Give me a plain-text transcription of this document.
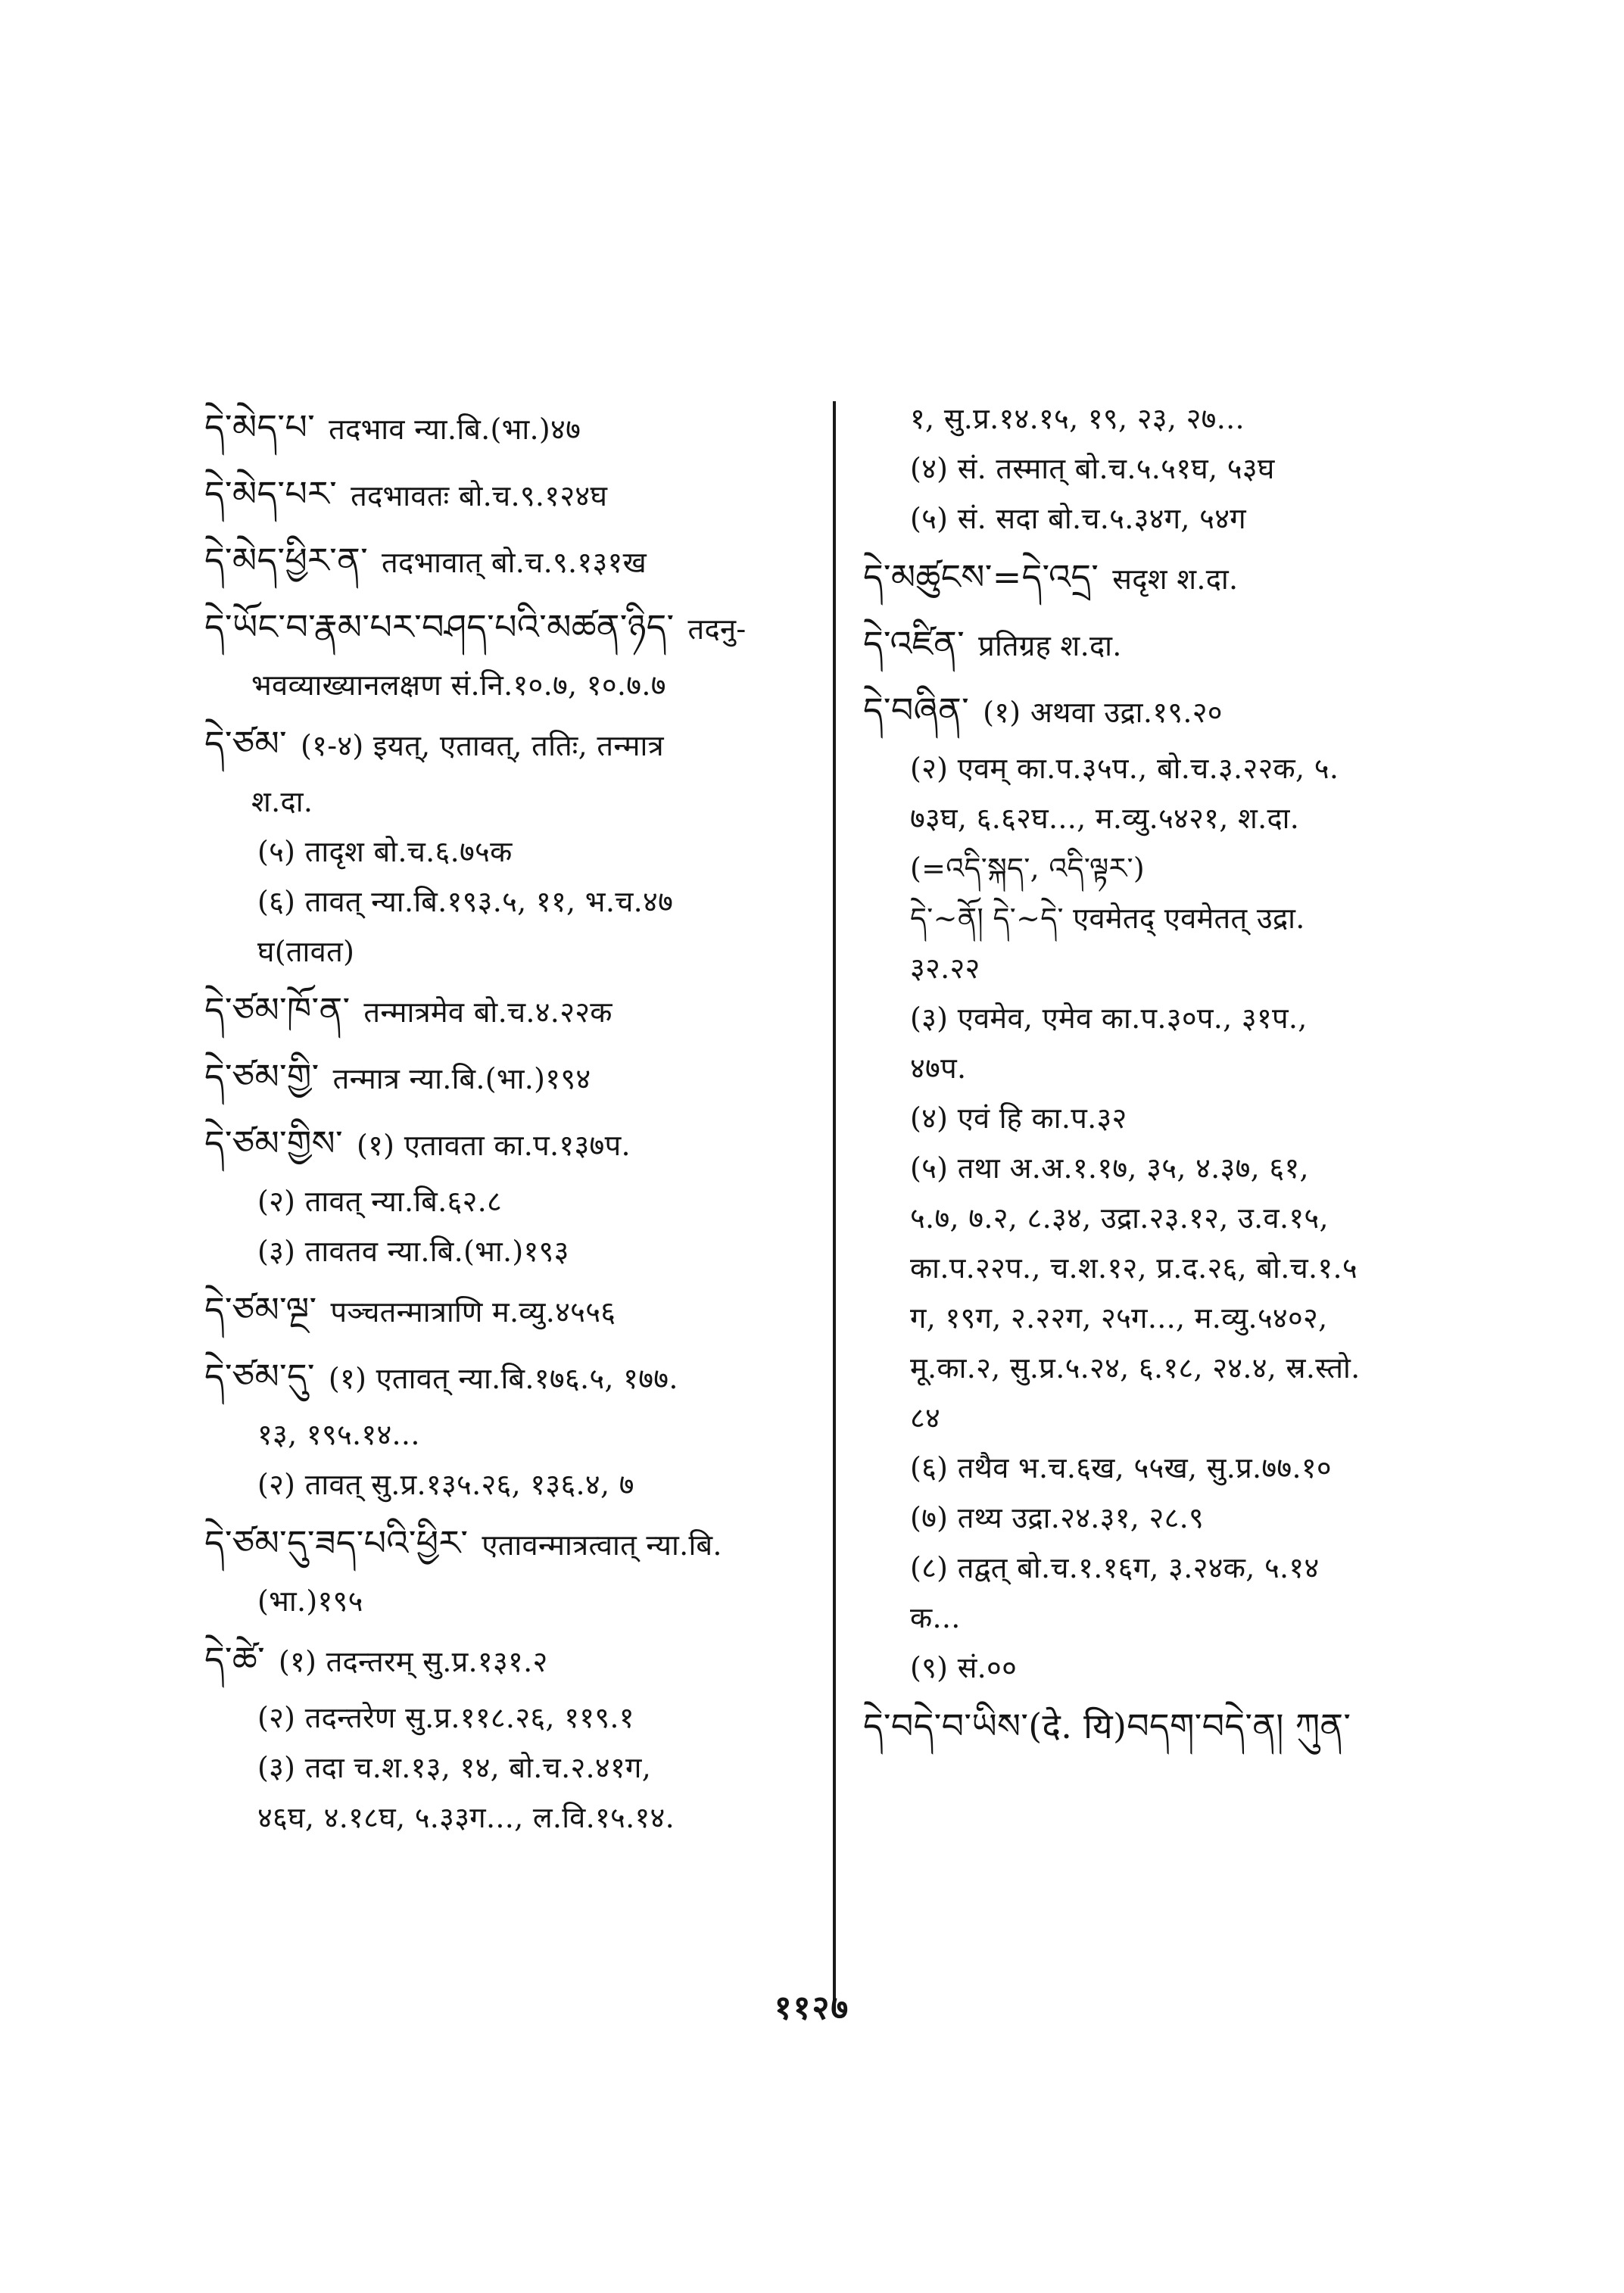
དེ་མེད་པ་ तदभाव न्या.बि.(भा.)४७
དེ་མེད་པར་ तदभावतः बो.च.९.१२४घ
དེ་མེད་ཕྱིར་ན་ तदभावात् बो.च.९.१३१ख
དེ་ཡོང་བ་རྣམ་པར་བཤད་པའི་མཚན་ཉིད་ तदनु-
भवव्याख्यानलक्षण सं.नि.१०.७, १०.७.७
དེ་ཙམ་ (१-४) इयत्, एतावत्, ततिः, तन्मात्र
श.दा.
(५) तादृश बो.च.६.७५क
(६) तावत् न्या.बि.१९३.५, ११, भ.च.४७
घ(तावत)
དེ་ཙམ་ཁོ་ན་ तन्मात्रमेव बो.च.४.२२क
དེ་ཙམ་གྱི་ तन्मात्र न्या.बि.(भा.)१९४
དེ་ཙམ་གྱིས་ (१) एतावता का.प.१३७प.
(२) तावत् न्या.बि.६२.८
(३) तावतव न्या.बि.(भा.)१९३
དེ་ཙམ་ལྔ་ पञ्चतन्मात्राणि म.व्यु.४५५६
དེ་ཙམ་དུ་ (१) एतावत् न्या.बि.१७६.५, १७७.
१३, १९५.१४...
(२) तावत् सु.प्र.१३५.२६, १३६.४, ७
དེ་ཙམ་དུ་ཟད་པའི་ཕྱིར་ एतावन्मात्रत्वात् न्या.बि.
(भा.)१९५
དེ་ཚེ་ (१) तदन्तरम् सु.प्र.१३१.२
(२) तदन्तरेण सु.प्र.११८.२६, ११९.१
(३) तदा च.श.१३, १४, बो.च.२.४१ग,
४६घ, ४.१८घ, ५.३३ग..., ल.वि.१५.१४.
१, सु.प्र.१४.१५, १९, २३, २७...
(४) सं. तस्मात् बो.च.५.५१घ, ५३घ
(५) सं. सदा बो.च.५.३४ग, ५४ग
དེ་མཚུངས་=དེ་འདྲ་ सदृश श.दा.
དེ་འཛིན་ प्रतिग्रह श.दा.
དེ་བཞིན་ (१) अथवा उद्रा.१९.२०
(२) एवम् का.प.३५प., बो.च.३.२२क, ५.
७३घ, ६.६२घ..., म.व्यु.५४२१, श.दा.
(=འདི་སྐད་, འདི་ལྟར་)
དེ་~ནོ། དེ་~དེ་ एवमेतद् एवमेतत् उद्रा.
३२.२२
(३) एवमेव, एमेव का.प.३०प., ३१प.,
४७प.
(४) एवं हि का.प.३२
(५) तथा अ.अ.१.१७, ३५, ४.३७, ६१,
५.७, ७.२, ८.३४, उद्रा.२३.१२, उ.व.१५,
का.प.२२प., च.श.१२, प्र.द.२६, बो.च.१.५
ग, १९ग, २.२२ग, २५ग..., म.व्यु.५४०२,
मू.का.२, सु.प्र.५.२४, ६.१८, २४.४, स्र.स्तो.
८४
(६) तथैव भ.च.६ख, ५५ख, सु.प्र.७७.१०
(७) तथ्य उद्रा.२४.३१, २८.९
(८) तद्वत् बो.च.१.१६ग, ३.२४क, ५.१४
क...
(९) सं.००
དེ་བདེ་བ་ཡིས་(दे. यि)བདག་བདེ་ན། ཀུན་
११२७
